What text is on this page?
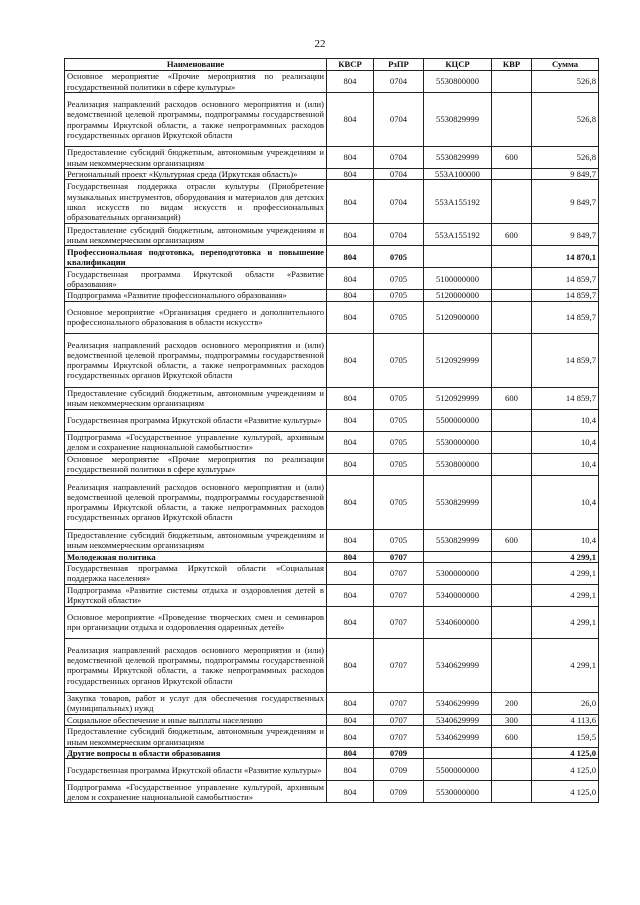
22
Наименование	КВСР	РзПР	КЦСР	КВР	Сумма
Основное мероприятие «Прочие мероприятия по реализации государственной политики в сфере культуры»	804	0704	5530800000		526,8
Реализация направлений расходов основного мероприятия и (или) ведомственной целевой программы, подпрограммы государственной программы Иркутской области, а также непрограммных расходов государственных органов Иркутской области	804	0704	5530829999		526,8
Предоставление субсидий бюджетным, автономным учреждениям и иным некоммерческим организациям	804	0704	5530829999	600	526,8
Региональный проект «Культурная среда (Иркутская область)»	804	0704	553A100000		9 849,7
Государственная поддержка отрасли культуры (Приобретение музыкальных инструментов, оборудования и материалов для детских школ искусств по видам искусств и профессиональных образовательных организаций)	804	0704	553A155192		9 849,7
Предоставление субсидий бюджетным, автономным учреждениям и иным некоммерческим организациям	804	0704	553A155192	600	9 849,7
Профессиональная подготовка, переподготовка и повышение квалификации	804	0705			14 870,1
Государственная программа Иркутской области «Развитие образования»	804	0705	5100000000		14 859,7
Подпрограмма «Развитие профессионального образования»	804	0705	5120000000		14 859,7
Основное мероприятие «Организация среднего и дополнительного профессионального образования в области искусств»	804	0705	5120900000		14 859,7
Реализация направлений расходов основного мероприятия и (или) ведомственной целевой программы, подпрограммы государственной программы Иркутской области, а также непрограммных расходов государственных органов Иркутской области	804	0705	5120929999		14 859,7
Предоставление субсидий бюджетным, автономным учреждениям и иным некоммерческим организациям	804	0705	5120929999	600	14 859,7
Государственная программа Иркутской области «Развитие культуры»	804	0705	5500000000		10,4
Подпрограмма «Государственное управление культурой, архивным делом и сохранение национальной самобытности»	804	0705	5530000000		10,4
Основное мероприятие «Прочие мероприятия по реализации государственной политики в сфере культуры»	804	0705	5530800000		10,4
Реализация направлений расходов основного мероприятия и (или) ведомственной целевой программы, подпрограммы государственной программы Иркутской области, а также непрограммных расходов государственных органов Иркутской области	804	0705	5530829999		10,4
Предоставление субсидий бюджетным, автономным учреждениям и иным некоммерческим организациям	804	0705	5530829999	600	10,4
Молодежная политика	804	0707			4 299,1
Государственная программа Иркутской области «Социальная поддержка населения»	804	0707	5300000000		4 299,1
Подпрограмма «Развитие системы отдыха и оздоровления детей в Иркутской области»	804	0707	5340000000		4 299,1
Основное мероприятие «Проведение творческих смен и семинаров при организации отдыха и оздоровления одаренных детей»	804	0707	5340600000		4 299,1
Реализация направлений расходов основного мероприятия и (или) ведомственной целевой программы, подпрограммы государственной программы Иркутской области, а также непрограммных расходов государственных органов Иркутской области	804	0707	5340629999		4 299,1
Закупка товаров, работ и услуг для обеспечения государственных (муниципальных) нужд	804	0707	5340629999	200	26,0
Социальное обеспечение и иные выплаты населению	804	0707	5340629999	300	4 113,6
Предоставление субсидий бюджетным, автономным учреждениям и иным некоммерческим организациям	804	0707	5340629999	600	159,5
Другие вопросы в области образования	804	0709			4 125,0
Государственная программа Иркутской области «Развитие культуры»	804	0709	5500000000		4 125,0
Подпрограмма «Государственное управление культурой, архивным делом и сохранение национальной самобытности»	804	0709	5530000000		4 125,0
